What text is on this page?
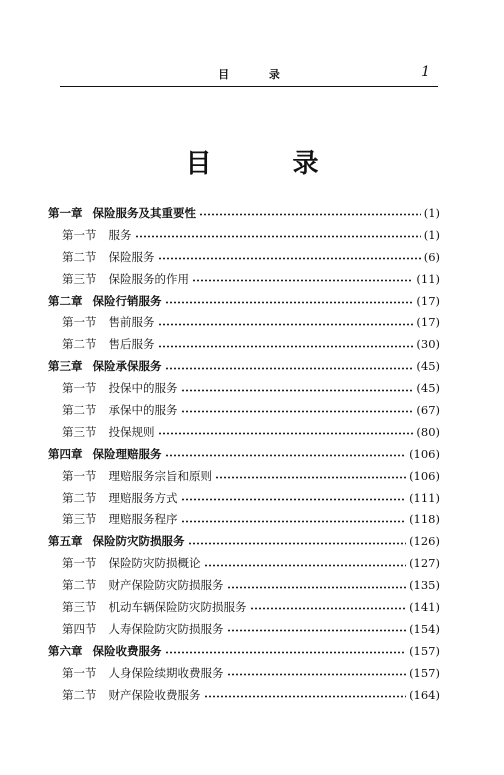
目 录	1
目 录
第一章 保险服务及其重要性	(1)
第一节 服务	(1)
第二节 保险服务	(6)
第三节 保险服务的作用	(11)
第二章 保险行销服务	(17)
第一节 售前服务	(17)
第二节 售后服务	(30)
第三章 保险承保服务	(45)
第一节 投保中的服务	(45)
第二节 承保中的服务	(67)
第三节 投保规则	(80)
第四章 保险理赔服务	(106)
第一节 理赔服务宗旨和原则	(106)
第二节 理赔服务方式	(111)
第三节 理赔服务程序	(118)
第五章 保险防灾防损服务	(126)
第一节 保险防灾防损概论	(127)
第二节 财产保险防灾防损服务	(135)
第三节 机动车辆保险防灾防损服务	(141)
第四节 人寿保险防灾防损服务	(154)
第六章 保险收费服务	(157)
第一节 人身保险续期收费服务	(157)
第二节 财产保险收费服务	(164)
